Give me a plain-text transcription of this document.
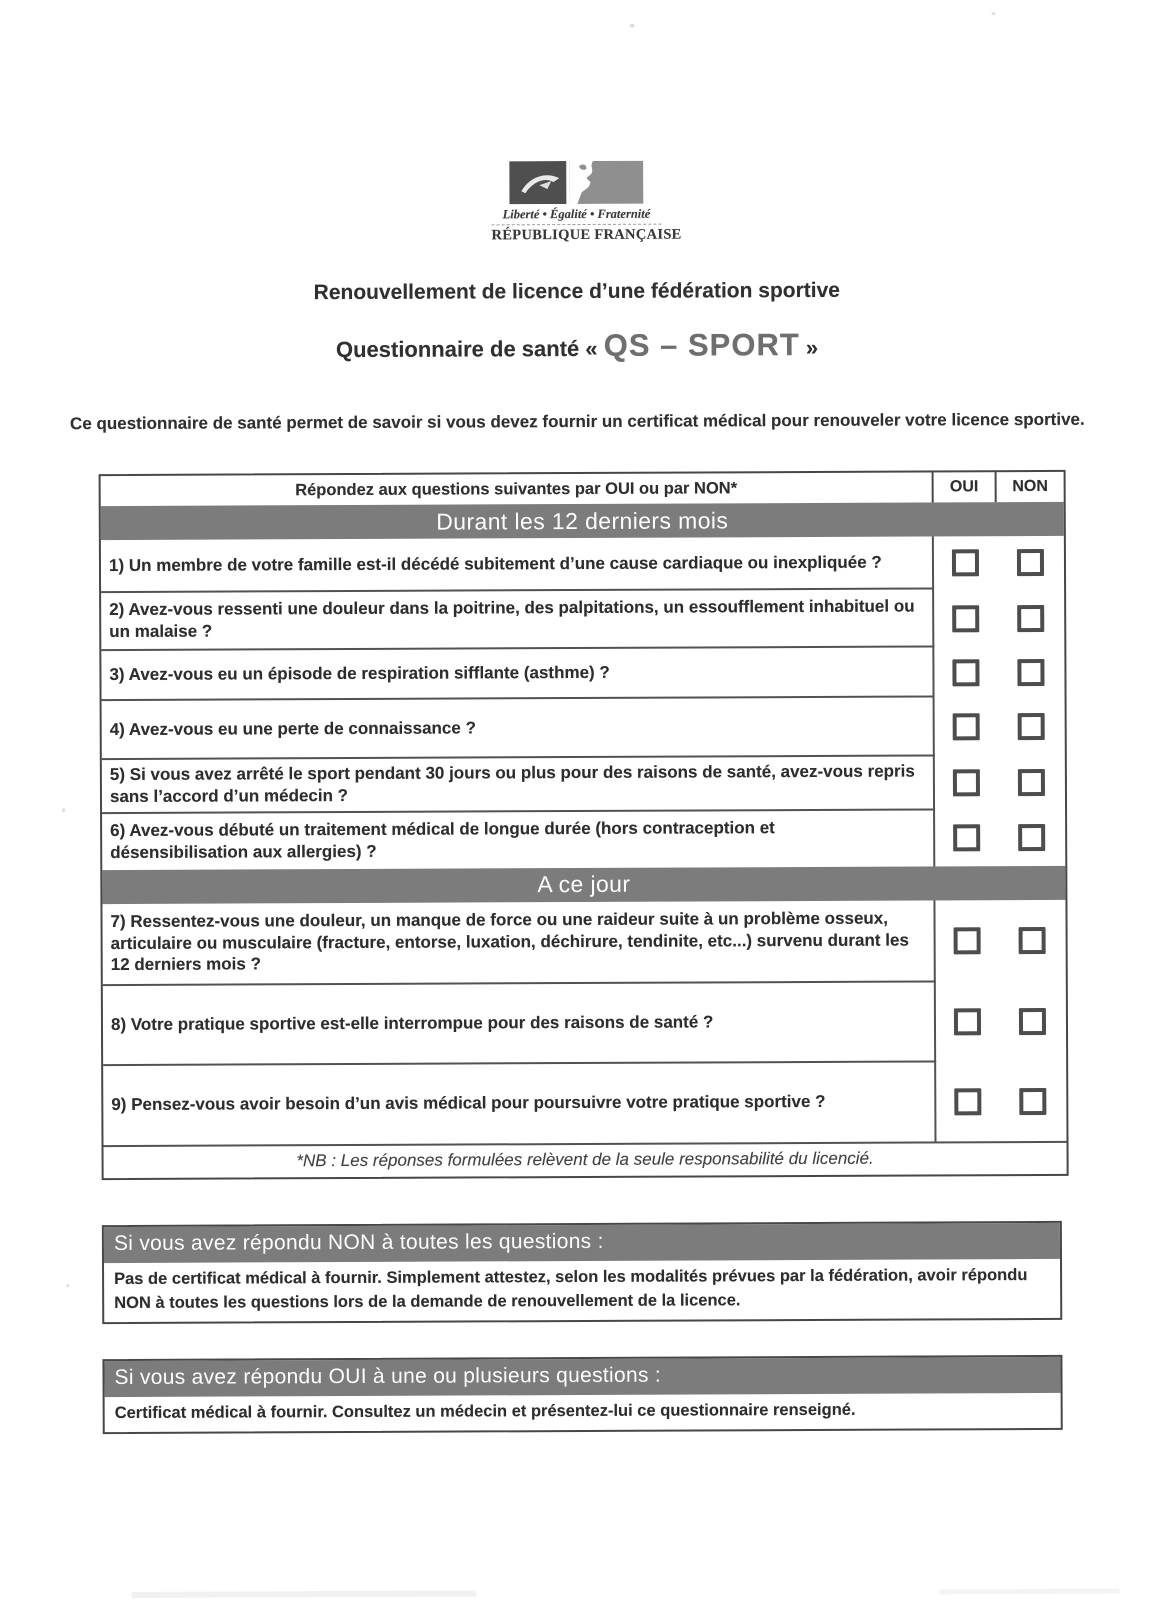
Liberté • Égalité • Fraternité
RÉPUBLIQUE FRANÇAISE
Renouvellement de licence d’une fédération sportive
Questionnaire de santé « QS – SPORT »

Ce questionnaire de santé permet de savoir si vous devez fournir un certificat médical pour renouveler votre licence sportive.

Répondez aux questions suivantes par OUI ou par NON*	OUI	NON
Durant les 12 derniers mois
1) Un membre de votre famille est-il décédé subitement d’une cause cardiaque ou inexpliquée ?
2) Avez-vous ressenti une douleur dans la poitrine, des palpitations, un essoufflement inhabituel ou un malaise ?
3) Avez-vous eu un épisode de respiration sifflante (asthme) ?
4) Avez-vous eu une perte de connaissance ?
5) Si vous avez arrêté le sport pendant 30 jours ou plus pour des raisons de santé, avez-vous repris sans l’accord d’un médecin ?
6) Avez-vous débuté un traitement médical de longue durée (hors contraception et désensibilisation aux allergies) ?
A ce jour
7) Ressentez-vous une douleur, un manque de force ou une raideur suite à un problème osseux, articulaire ou musculaire (fracture, entorse, luxation, déchirure, tendinite, etc...) survenu durant les 12 derniers mois ?
8) Votre pratique sportive est-elle interrompue pour des raisons de santé ?
9) Pensez-vous avoir besoin d’un avis médical pour poursuivre votre pratique sportive ?
*NB : Les réponses formulées relèvent de la seule responsabilité du licencié.
Si vous avez répondu NON à toutes les questions :
Pas de certificat médical à fournir. Simplement attestez, selon les modalités prévues par la fédération, avoir répondu NON à toutes les questions lors de la demande de renouvellement de la licence.
Si vous avez répondu OUI à une ou plusieurs questions :
Certificat médical à fournir. Consultez un médecin et présentez-lui ce questionnaire renseigné.
